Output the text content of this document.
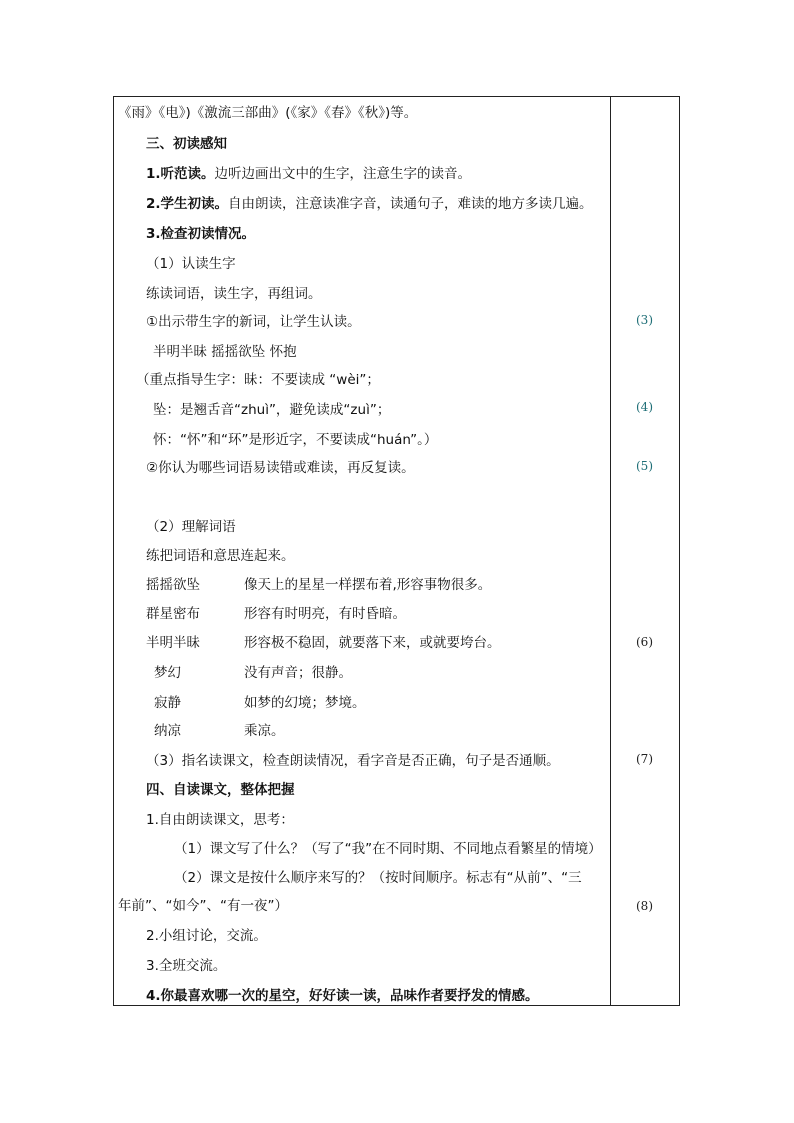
《雨》《电》)《激流三部曲》(《家》《春》《秋》)等。
三、初读感知
1.听范读。边听边画出文中的生字，注意生字的读音。
2.学生初读。自由朗读，注意读准字音，读通句子，难读的地方多读几遍。
3.检查初读情况。
（1）认读生字
练读词语，读生字，再组词。
①出示带生字的新词，让学生认读。
半明半昧 摇摇欲坠 怀抱
（重点指导生字：昧：不要读成 “wèi”；
坠：是翘舌音“zhuì”，避免读成“zuì”；
怀：“怀”和“环”是形近字，不要读成“huán”。）
②你认为哪些词语易读错或难读，再反复读。
（2）理解词语
练把词语和意思连起来。
摇摇欲坠	像天上的星星一样摆布着,形容事物很多。
群星密布	形容有时明亮，有时昏暗。
半明半昧	形容极不稳固，就要落下来，或就要垮台。
梦幻	没有声音；很静。
寂静	如梦的幻境；梦境。
纳凉	乘凉。
（3）指名读课文，检查朗读情况，看字音是否正确，句子是否通顺。
四、自读课文，整体把握
1.自由朗读课文，思考：
（1）课文写了什么？（写了“我”在不同时期、不同地点看繁星的情境）
（2）课文是按什么顺序来写的？（按时间顺序。标志有“从前”、“三
年前”、“如今”、“有一夜”）
2.小组讨论，交流。
3.全班交流。
4.你最喜欢哪一次的星空，好好读一读，品味作者要抒发的情感。
(3)
(4)
(5)
(6)
(7)
(8)
